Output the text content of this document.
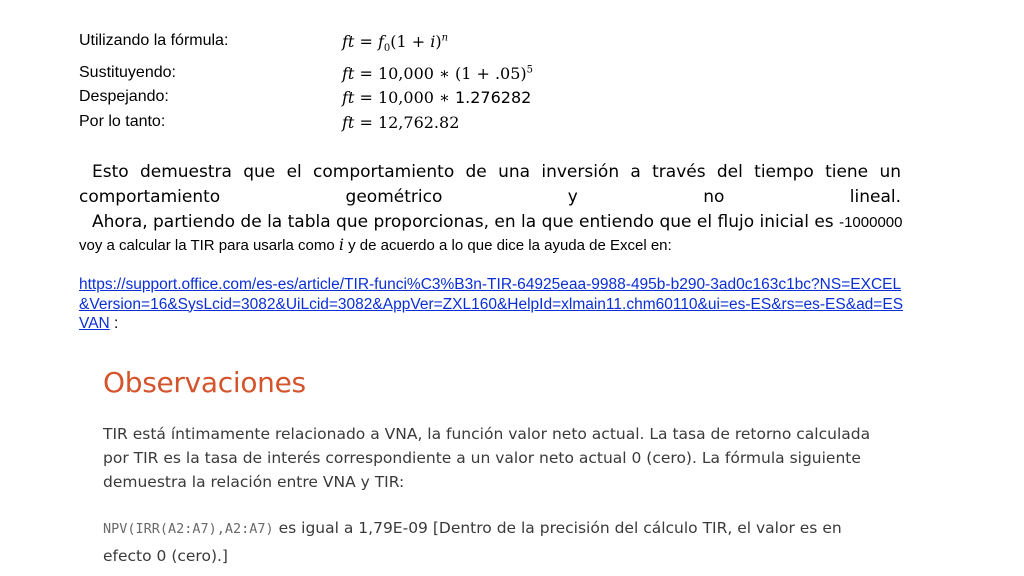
Utilizando la fórmula:	ft = $f_0(1 + i)^n$
Sustituyendo:	ft = 10,000 ∗ $(1 + .05)^5$
Despejando:	ft = 10,000 ∗ 1.276282
Por lo tanto:	ft = 12,762.82
Esto demuestra que el comportamiento de una inversión a través del tiempo tiene un comportamiento geométrico y no lineal.
Ahora, partiendo de la tabla que proporcionas, en la que entiendo que el flujo inicial es -1000000
voy a calcular la TIR para usarla como i y de acuerdo a lo que dice la ayuda de Excel en:
https://support.office.com/es-es/article/TIR-funci%C3%B3n-TIR-64925eaa-9988-495b-b290-3ad0c163c1bc?NS=EXCEL&Version=16&SysLcid=3082&UiLcid=3082&AppVer=ZXL160&HelpId=xlmain11.chm60110&ui=es-ES&rs=es-ES&ad=ESVAN :
Observaciones
TIR está íntimamente relacionado a VNA, la función valor neto actual. La tasa de retorno calculada por TIR es la tasa de interés correspondiente a un valor neto actual 0 (cero). La fórmula siguiente demuestra la relación entre VNA y TIR:
NPV(IRR(A2:A7),A2:A7) es igual a 1,79E-09 [Dentro de la precisión del cálculo TIR, el valor es en efecto 0 (cero).]
